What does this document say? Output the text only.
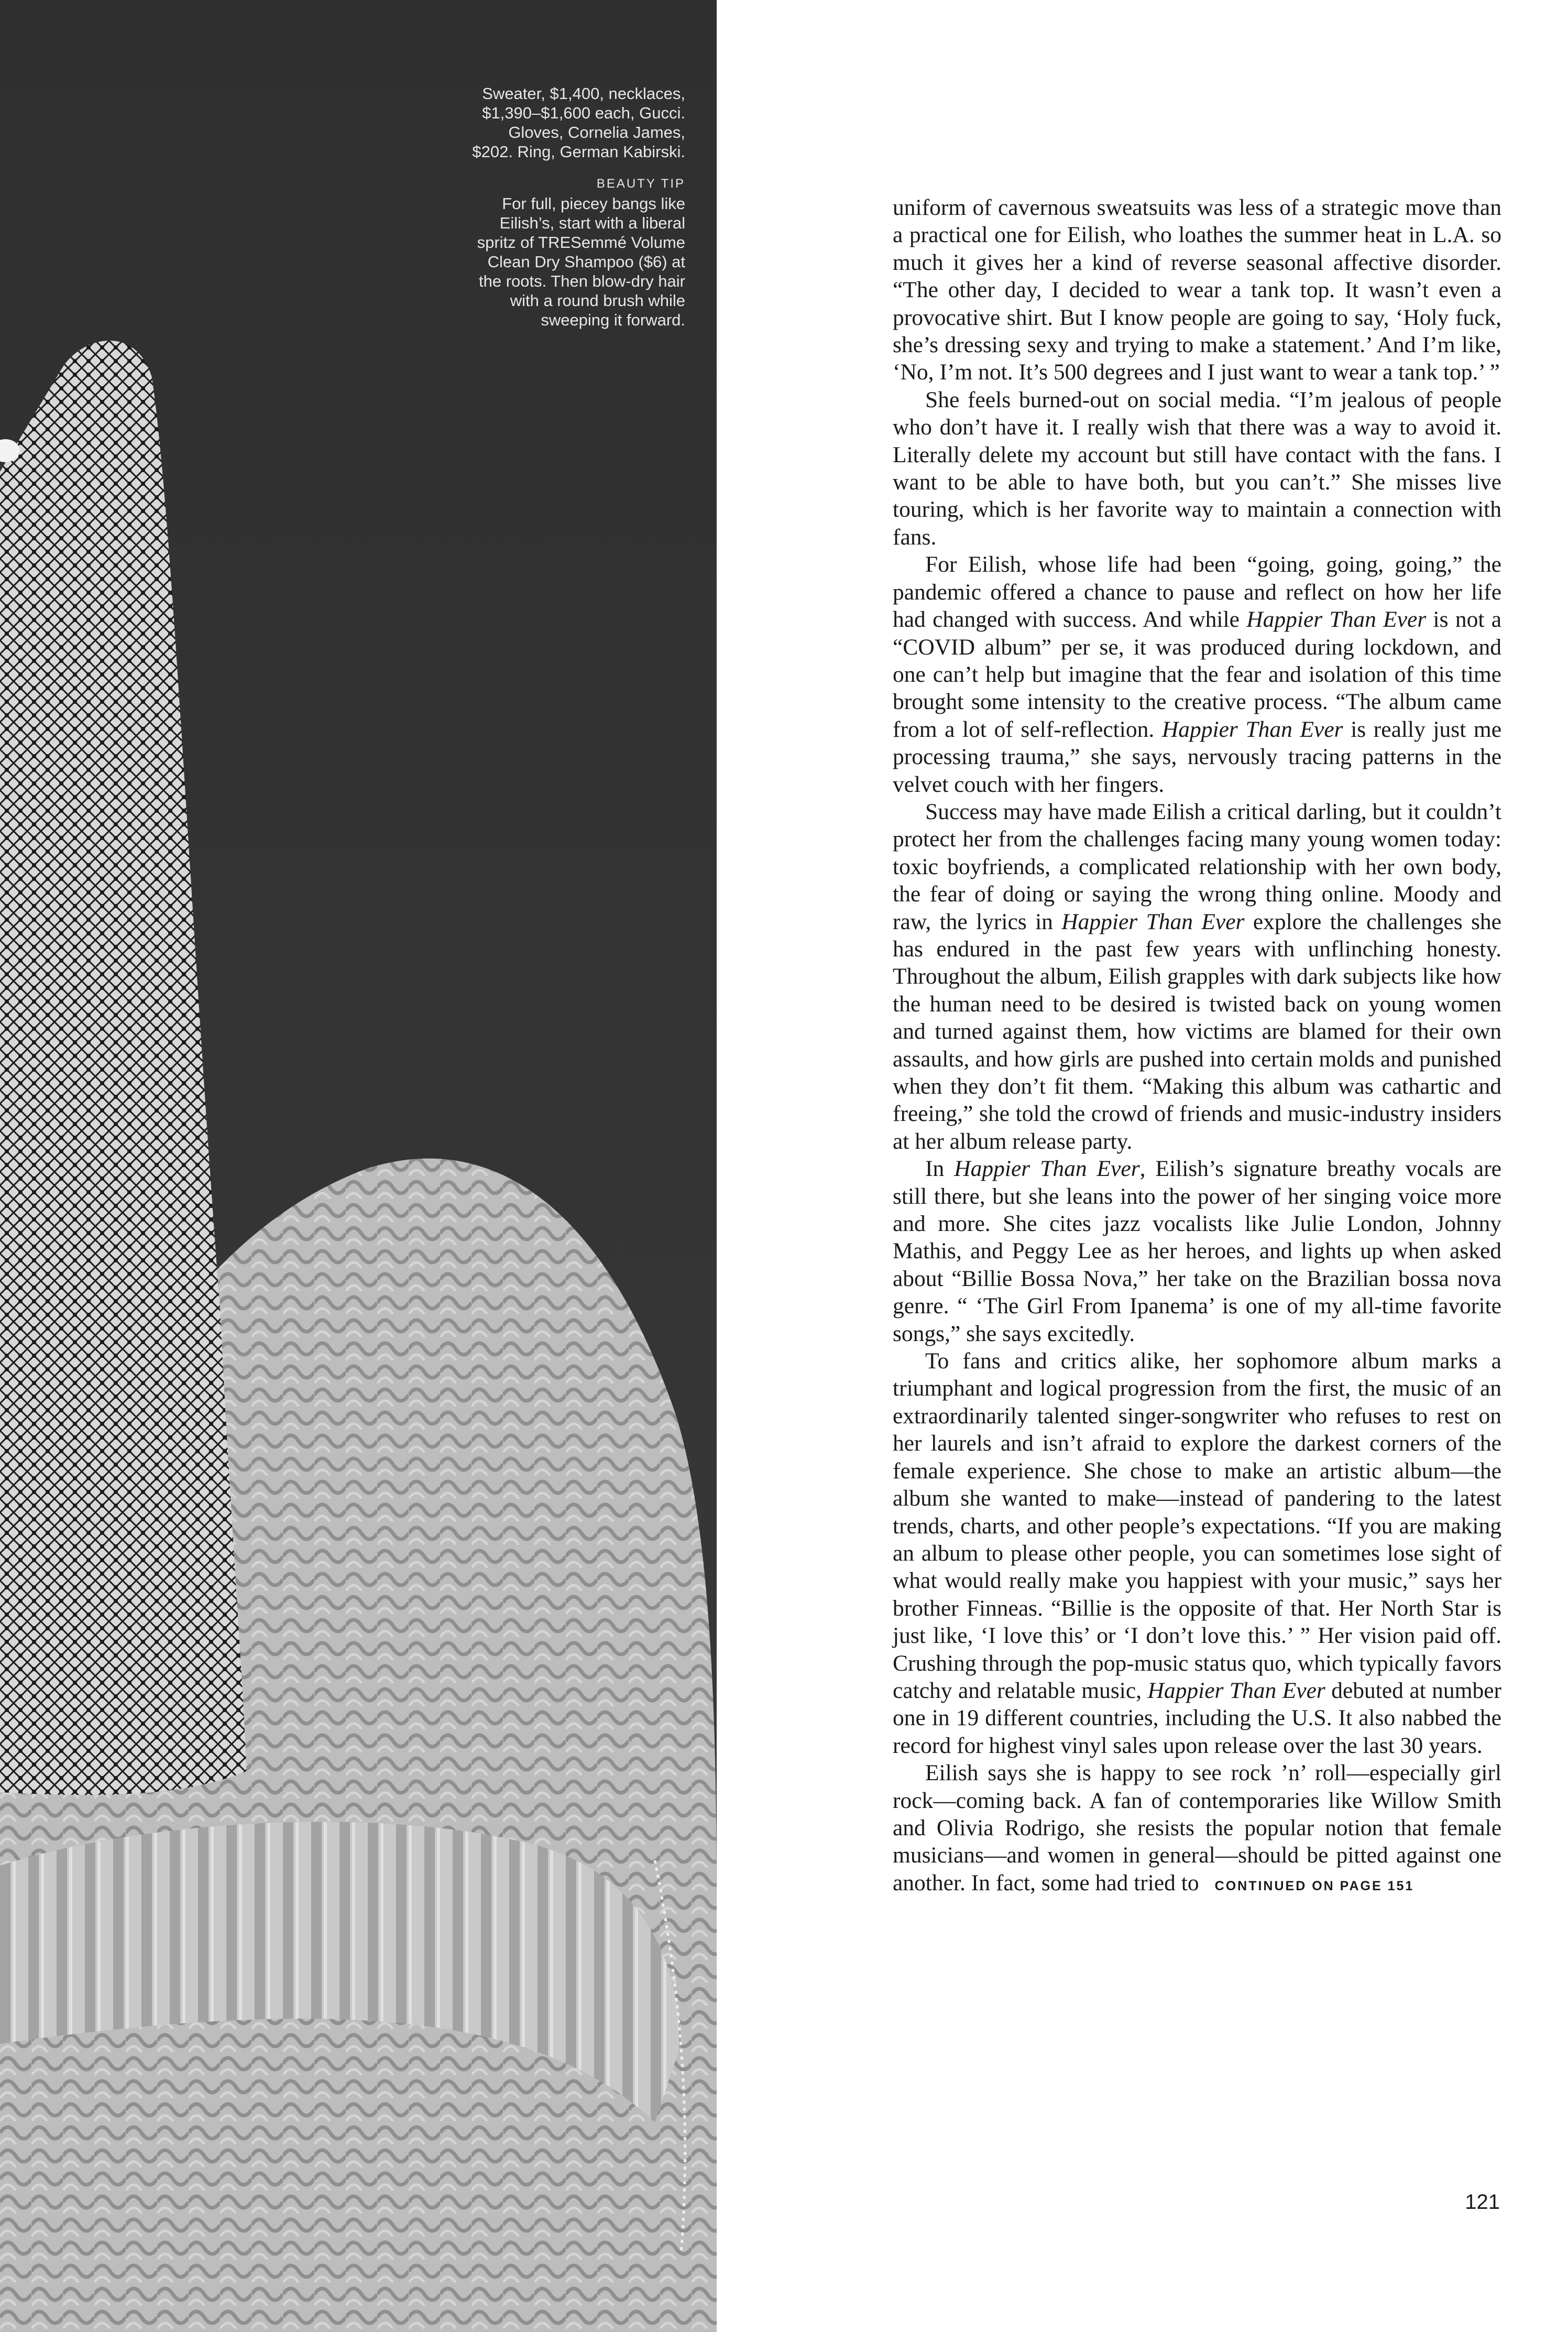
Sweater, $1,400, necklaces, $1,390–$1,600 each, Gucci. Gloves, Cornelia James, $202. Ring, German Kabirski.

BEAUTY TIP

For full, piecey bangs like Eilish’s, start with a liberal spritz of TRESemmé Volume Clean Dry Shampoo ($6) at the roots. Then blow-dry hair with a round brush while sweeping it forward.

uniform of cavernous sweatsuits was less of a strategic move than a practical one for Eilish, who loathes the summer heat in L.A. so much it gives her a kind of reverse seasonal affective disorder. “The other day, I decided to wear a tank top. It wasn’t even a provocative shirt. But I know people are going to say, ‘Holy fuck, she’s dressing sexy and trying to make a statement.’ And I’m like, ‘No, I’m not. It’s 500 degrees and I just want to wear a tank top.’ ”

She feels burned-out on social media. “I’m jealous of people who don’t have it. I really wish that there was a way to avoid it. Literally delete my account but still have contact with the fans. I want to be able to have both, but you can’t.” She misses live touring, which is her favorite way to maintain a connection with fans.

For Eilish, whose life had been “going, going, going,” the pandemic offered a chance to pause and reflect on how her life had changed with success. And while Happier Than Ever is not a “COVID album” per se, it was produced during lockdown, and one can’t help but imagine that the fear and isolation of this time brought some intensity to the creative process. “The album came from a lot of self-reflection. Happier Than Ever is really just me processing trauma,” she says, nervously tracing patterns in the velvet couch with her fingers.

Success may have made Eilish a critical darling, but it couldn’t protect her from the challenges facing many young women today: toxic boyfriends, a complicated relationship with her own body, the fear of doing or saying the wrong thing online. Moody and raw, the lyrics in Happier Than Ever explore the challenges she has endured in the past few years with unflinching honesty. Throughout the album, Eilish grapples with dark subjects like how the human need to be desired is twisted back on young women and turned against them, how victims are blamed for their own assaults, and how girls are pushed into certain molds and punished when they don’t fit them. “Making this album was cathartic and freeing,” she told the crowd of friends and music-industry insiders at her album release party.

In Happier Than Ever, Eilish’s signature breathy vocals are still there, but she leans into the power of her singing voice more and more. She cites jazz vocalists like Julie London, Johnny Mathis, and Peggy Lee as her heroes, and lights up when asked about “Billie Bossa Nova,” her take on the Brazilian bossa nova genre. “ ‘The Girl From Ipanema’ is one of my all-time favorite songs,” she says excitedly.

To fans and critics alike, her sophomore album marks a triumphant and logical progression from the first, the music of an extraordinarily talented singer-songwriter who refuses to rest on her laurels and isn’t afraid to explore the darkest corners of the female experience. She chose to make an artistic album—the album she wanted to make—instead of pandering to the latest trends, charts, and other people’s expectations. “If you are making an album to please other people, you can sometimes lose sight of what would really make you happiest with your music,” says her brother Finneas. “Billie is the opposite of that. Her North Star is just like, ‘I love this’ or ‘I don’t love this.’ ” Her vision paid off. Crushing through the pop-music status quo, which typically favors catchy and relatable music, Happier Than Ever debuted at number one in 19 different countries, including the U.S. It also nabbed the record for highest vinyl sales upon release over the last 30 years.

Eilish says she is happy to see rock ’n’ roll—especially girl rock—coming back. A fan of contemporaries like Willow Smith and Olivia Rodrigo, she resists the popular notion that female musicians—and women in general—should be pitted against one another. In fact, some had tried to CONTINUED ON PAGE 151

121
